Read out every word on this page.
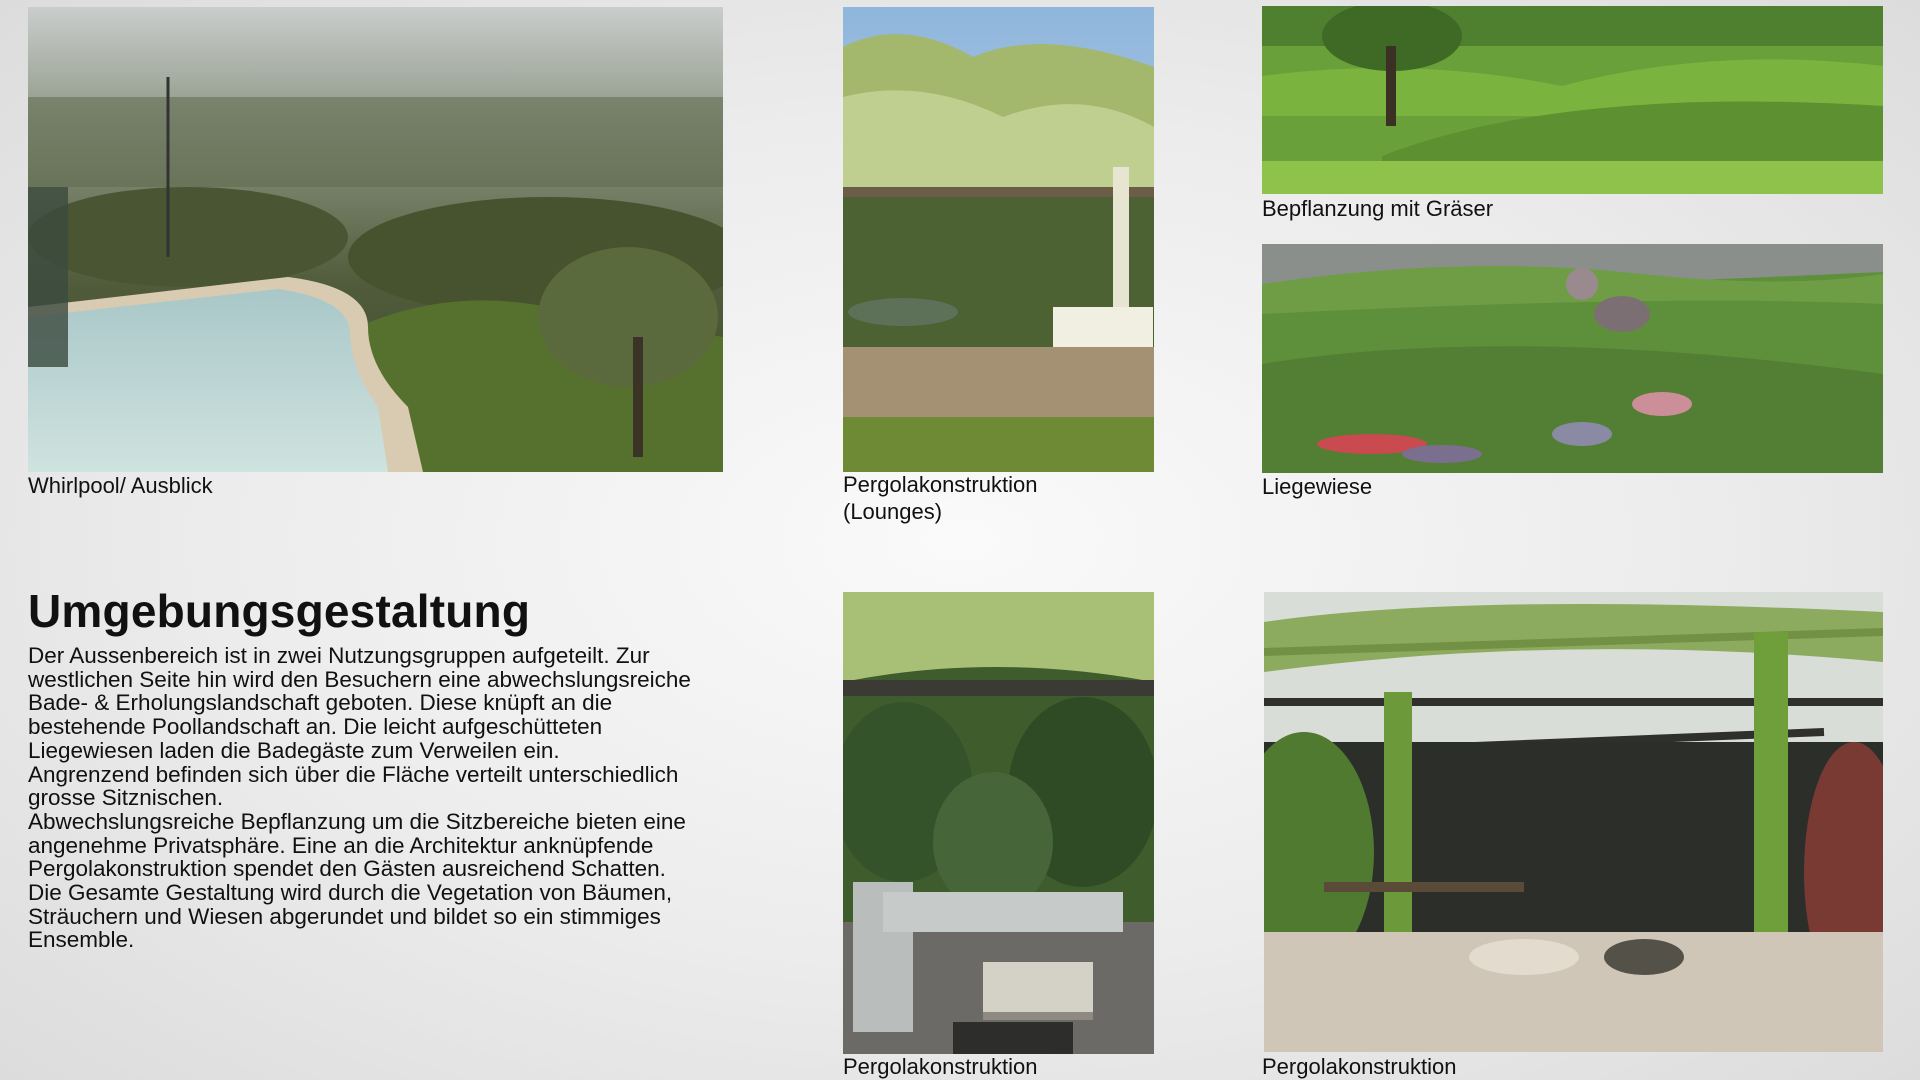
Whirlpool/ Ausblick	Pergolakonstruktion
(Lounges)
Bepflanzung mit Gräser
Liegewiese
Umgebungsgestaltung

Der Aussenbereich ist in zwei Nutzungsgruppen aufgeteilt. Zur
westlichen Seite hin wird den Besuchern eine abwechslungsreiche
Bade- & Erholungslandschaft geboten. Diese knüpft an die
bestehende Poollandschaft an. Die leicht aufgeschütteten
Liegewiesen laden die Badegäste zum Verweilen ein.
Angrenzend befinden sich über die Fläche verteilt unterschiedlich
grosse Sitznischen.
Abwechslungsreiche Bepflanzung um die Sitzbereiche bieten eine
angenehme Privatsphäre. Eine an die Architektur anknüpfende
Pergolakonstruktion spendet den Gästen ausreichend Schatten.
Die Gesamte Gestaltung wird durch die Vegetation von Bäumen,
Sträuchern und Wiesen abgerundet und bildet so ein stimmiges
Ensemble.

Pergolakonstruktion	Pergolakonstruktion
